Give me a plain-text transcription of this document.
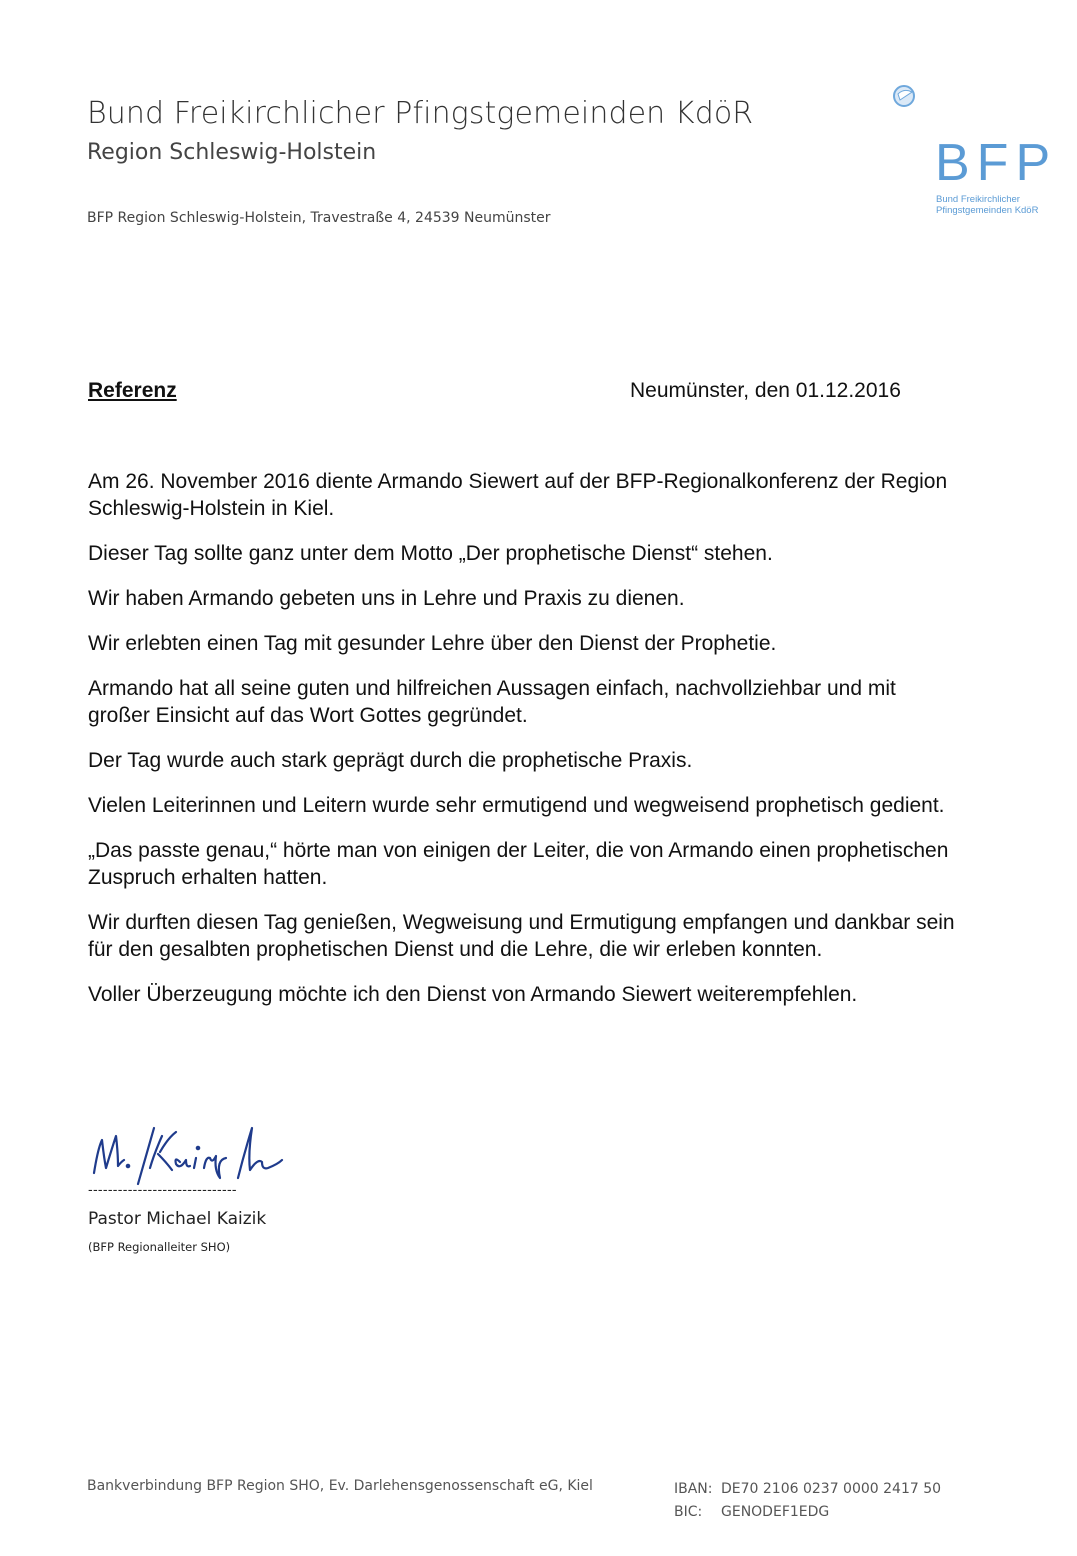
Bund Freikirchlicher Pfingstgemeinden KdöR
Region Schleswig-Holstein
BFP Region Schleswig-Holstein, Travestraße 4, 24539 Neumünster
BFP
Bund Freikirchlicher
Pfingstgemeinden KdöR
Referenz	Neumünster, den 01.12.2016

Am 26. November 2016 diente Armando Siewert auf der BFP-Regionalkonferenz der Region Schleswig-Holstein in Kiel.

Dieser Tag sollte ganz unter dem Motto „Der prophetische Dienst“ stehen.

Wir haben Armando gebeten uns in Lehre und Praxis zu dienen.

Wir erlebten einen Tag mit gesunder Lehre über den Dienst der Prophetie.

Armando hat all seine guten und hilfreichen Aussagen einfach, nachvollziehbar und mit großer Einsicht auf das Wort Gottes gegründet.

Der Tag wurde auch stark geprägt durch die prophetische Praxis.

Vielen Leiterinnen und Leitern wurde sehr ermutigend und wegweisend prophetisch gedient.

„Das passte genau,“ hörte man von einigen der Leiter, die von Armando einen prophetischen Zuspruch erhalten hatten.

Wir durften diesen Tag genießen, Wegweisung und Ermutigung empfangen und dankbar sein für den gesalbten prophetischen Dienst und die Lehre, die wir erleben konnten.

Voller Überzeugung möchte ich den Dienst von Armando Siewert weiterempfehlen.

------------------------------
Pastor Michael Kaizik
(BFP Regionalleiter SHO)
Bankverbindung BFP Region SHO, Ev. Darlehensgenossenschaft eG, Kiel	IBAN: DE70 2106 0237 0000 2417 50
BIC: GENODEF1EDG
